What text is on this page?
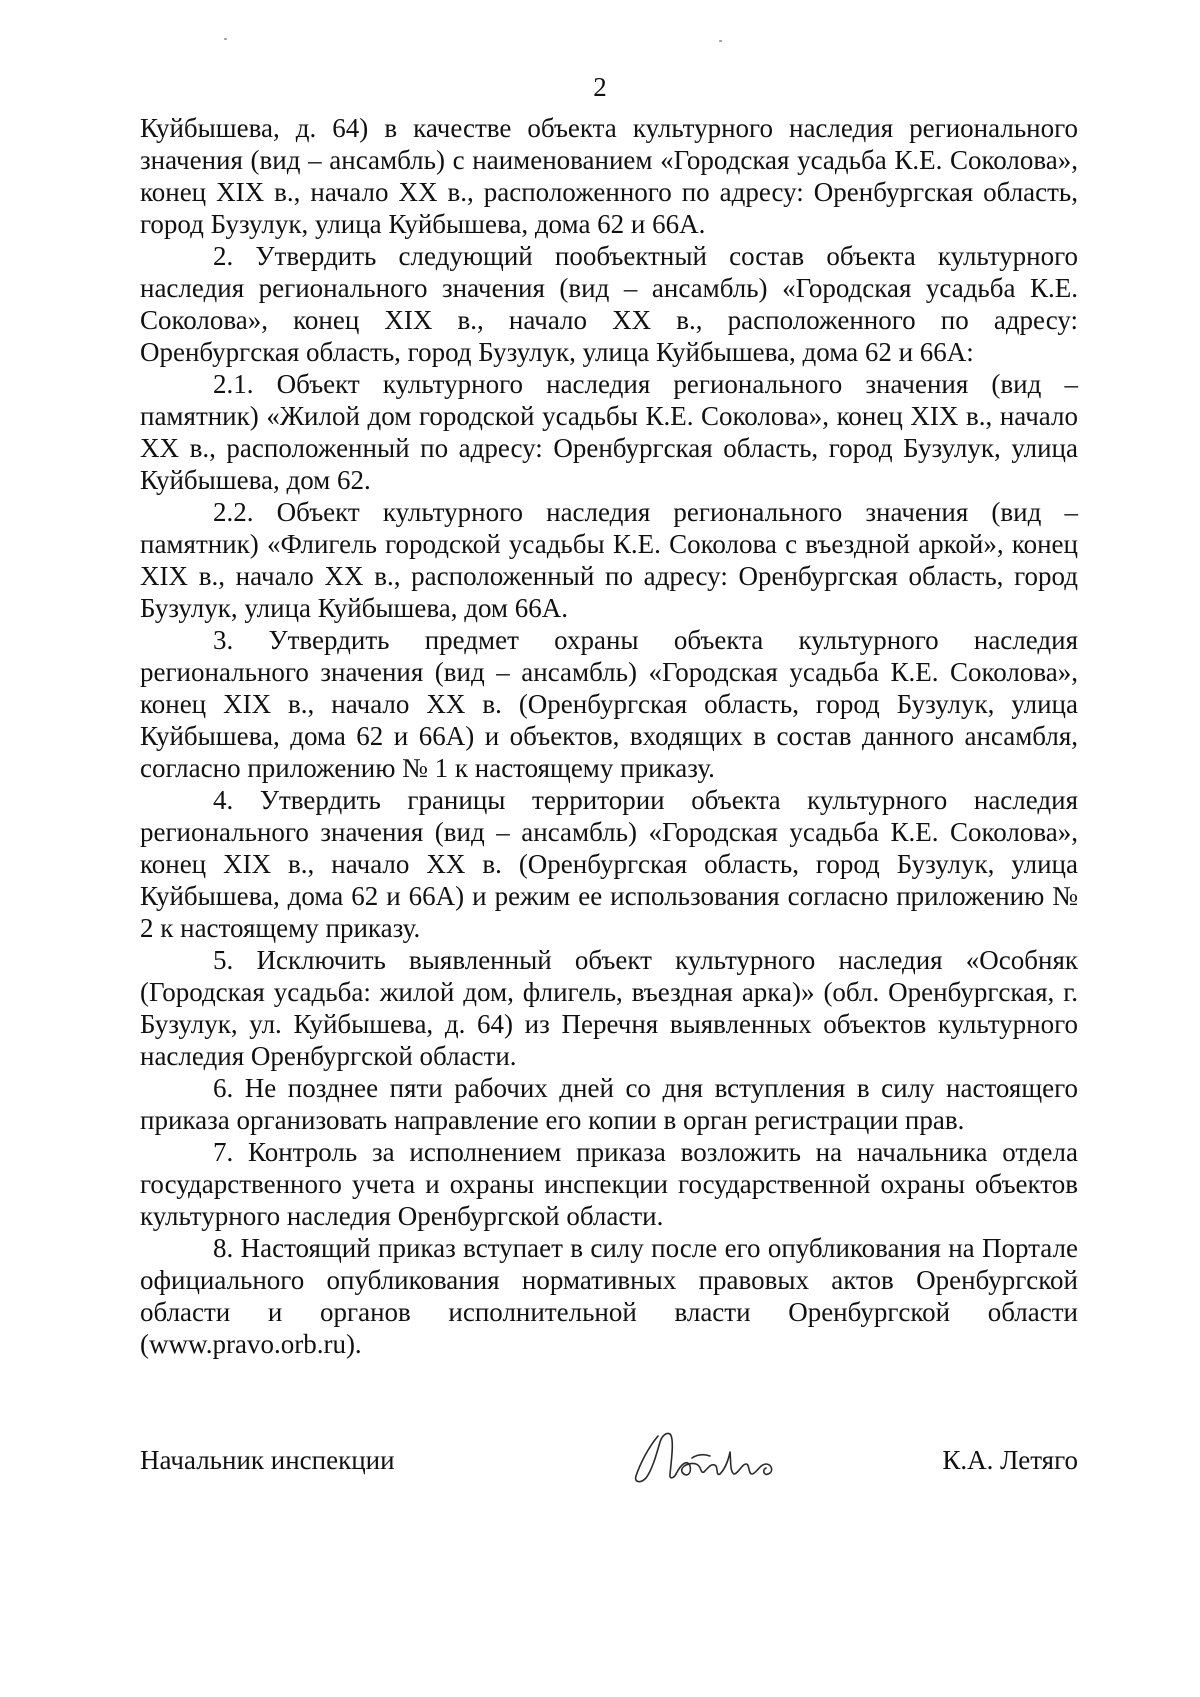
2

Куйбышева, д. 64) в качестве объекта культурного наследия регионального значения (вид – ансамбль) с наименованием «Городская усадьба К.Е. Соколова», конец XIX в., начало XX в., расположенного по адресу: Оренбургская область, город Бузулук, улица Куйбышева, дома 62 и 66А.

2. Утвердить следующий пообъектный состав объекта культурного наследия регионального значения (вид – ансамбль) «Городская усадьба К.Е. Соколова», конец XIX в., начало XX в., расположенного по адресу: Оренбургская область, город Бузулук, улица Куйбышева, дома 62 и 66А:

2.1. Объект культурного наследия регионального значения (вид – памятник) «Жилой дом городской усадьбы К.Е. Соколова», конец XIX в., начало XX в., расположенный по адресу: Оренбургская область, город Бузулук, улица Куйбышева, дом 62.

2.2. Объект культурного наследия регионального значения (вид – памятник) «Флигель городской усадьбы К.Е. Соколова с въездной аркой», конец XIX в., начало XX в., расположенный по адресу: Оренбургская область, город Бузулук, улица Куйбышева, дом 66А.

3. Утвердить предмет охраны объекта культурного наследия регионального значения (вид – ансамбль) «Городская усадьба К.Е. Соколова», конец XIX в., начало XX в. (Оренбургская область, город Бузулук, улица Куйбышева, дома 62 и 66А) и объектов, входящих в состав данного ансамбля, согласно приложению № 1 к настоящему приказу.

4. Утвердить границы территории объекта культурного наследия регионального значения (вид – ансамбль) «Городская усадьба К.Е. Соколова», конец XIX в., начало XX в. (Оренбургская область, город Бузулук, улица Куйбышева, дома 62 и 66А) и режим ее использования согласно приложению № 2 к настоящему приказу.

5. Исключить выявленный объект культурного наследия «Особняк (Городская усадьба: жилой дом, флигель, въездная арка)» (обл. Оренбургская, г. Бузулук, ул. Куйбышева, д. 64) из Перечня выявленных объектов культурного наследия Оренбургской области.

6. Не позднее пяти рабочих дней со дня вступления в силу настоящего приказа организовать направление его копии в орган регистрации прав.

7. Контроль за исполнением приказа возложить на начальника отдела государственного учета и охраны инспекции государственной охраны объектов культурного наследия Оренбургской области.

8. Настоящий приказ вступает в силу после его опубликования на Портале официального опубликования нормативных правовых актов Оренбургской области и органов исполнительной власти Оренбургской области (www.pravo.orb.ru).

Начальник инспекции	К.А. Летяго
